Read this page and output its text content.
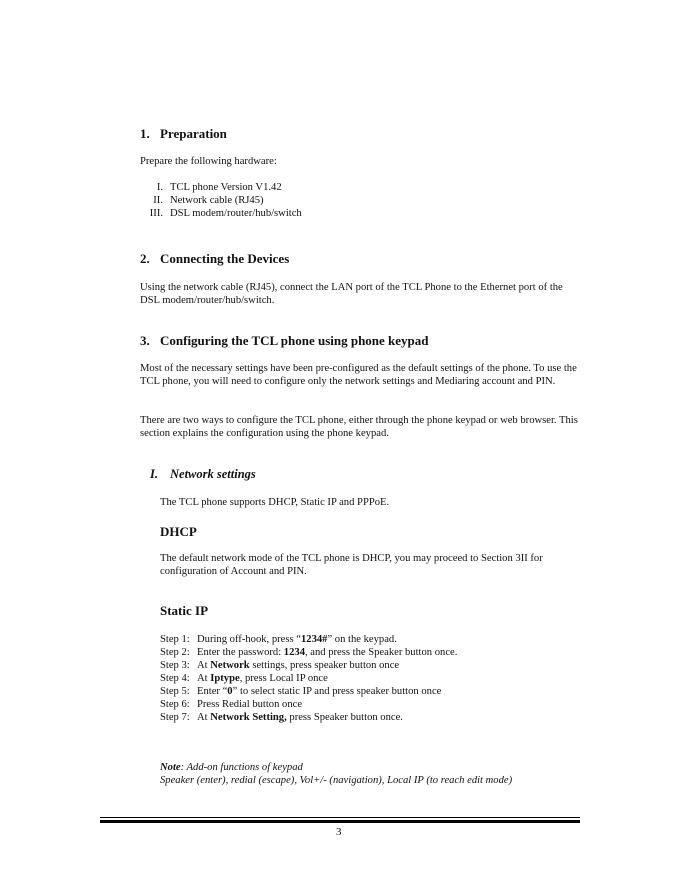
1. Preparation
Prepare the following hardware:
I. TCL phone Version V1.42
II. Network cable (RJ45)
III. DSL modem/router/hub/switch
2. Connecting the Devices
Using the network cable (RJ45), connect the LAN port of the TCL Phone to the Ethernet port of the DSL modem/router/hub/switch.
3. Configuring the TCL phone using phone keypad
Most of the necessary settings have been pre-configured as the default settings of the phone. To use the TCL phone, you will need to configure only the network settings and Mediaring account and PIN.
There are two ways to configure the TCL phone, either through the phone keypad or web browser. This section explains the configuration using the phone keypad.
I. Network settings
The TCL phone supports DHCP, Static IP and PPPoE.
DHCP
The default network mode of the TCL phone is DHCP, you may proceed to Section 3II for configuration of Account and PIN.
Static IP
Step 1: During off-hook, press “1234#” on the keypad.
Step 2: Enter the password: 1234, and press the Speaker button once.
Step 3: At Network settings, press speaker button once
Step 4: At Iptype, press Local IP once
Step 5: Enter “0” to select static IP and press speaker button once
Step 6: Press Redial button once
Step 7: At Network Setting, press Speaker button once.
Note: Add-on functions of keypad
Speaker (enter), redial (escape), Vol+/- (navigation), Local IP (to reach edit mode)
3
